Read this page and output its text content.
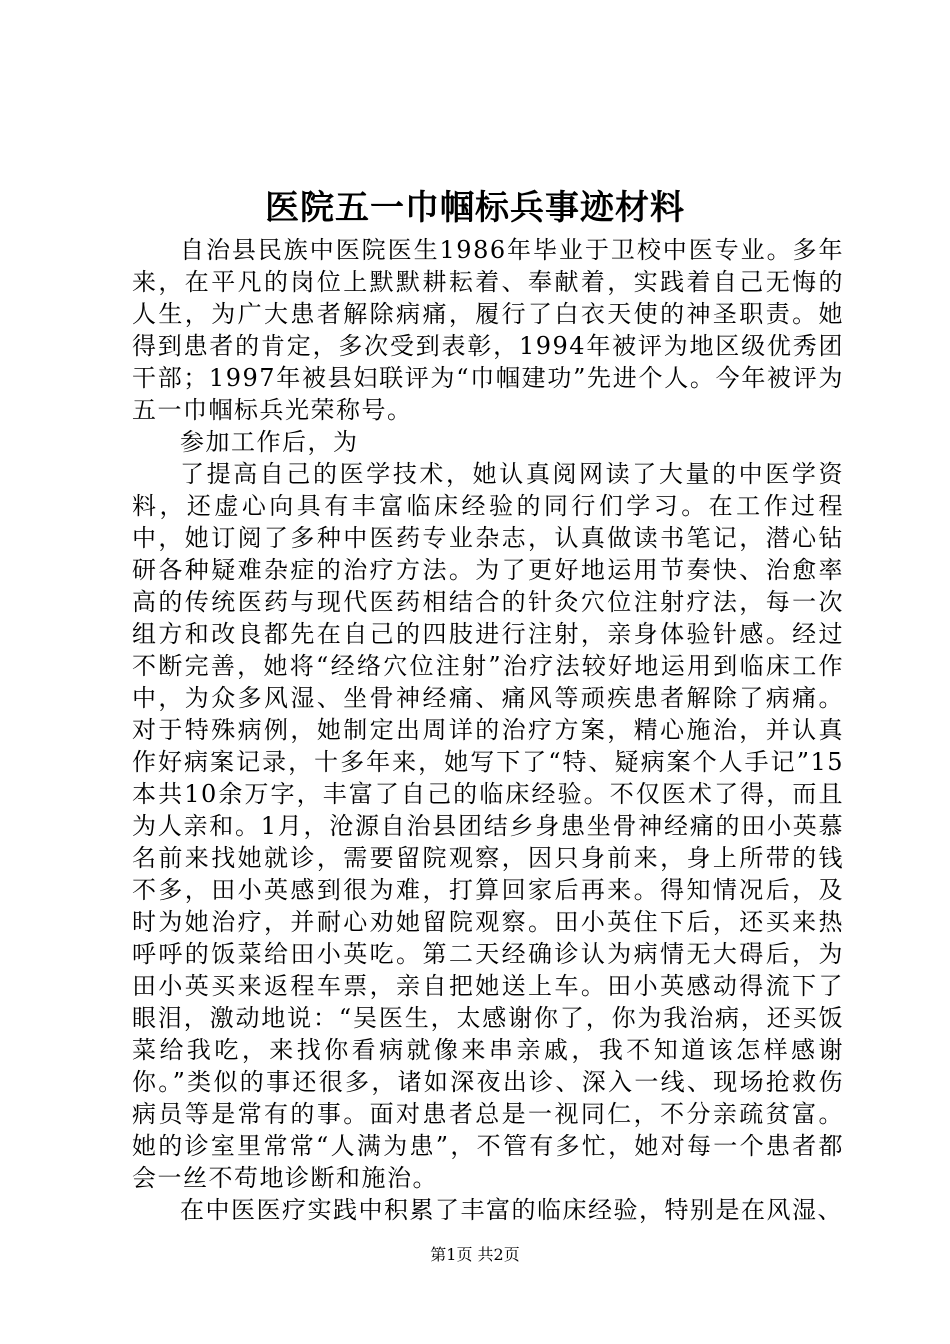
医院五一巾帼标兵事迹材料

自治县民族中医院医生1986年毕业于卫校中医专业。多年来，在平凡的岗位上默默耕耘着、奉献着，实践着自己无悔的人生，为广大患者解除病痛，履行了白衣天使的神圣职责。她得到患者的肯定，多次受到表彰，1994年被评为地区级优秀团干部；1997年被县妇联评为“巾帼建功”先进个人。今年被评为五一巾帼标兵光荣称号。

参加工作后，为

了提高自己的医学技术，她认真阅网读了大量的中医学资料，还虚心向具有丰富临床经验的同行们学习。在工作过程中，她订阅了多种中医药专业杂志，认真做读书笔记，潜心钻研各种疑难杂症的治疗方法。为了更好地运用节奏快、治愈率高的传统医药与现代医药相结合的针灸穴位注射疗法，每一次组方和改良都先在自己的四肢进行注射，亲身体验针感。经过不断完善，她将“经络穴位注射”治疗法较好地运用到临床工作中，为众多风湿、坐骨神经痛、痛风等顽疾患者解除了病痛。对于特殊病例，她制定出周详的治疗方案，精心施治，并认真作好病案记录，十多年来，她写下了“特、疑病案个人手记”15本共10余万字，丰富了自己的临床经验。不仅医术了得，而且为人亲和。1月，沧源自治县团结乡身患坐骨神经痛的田小英慕名前来找她就诊，需要留院观察，因只身前来，身上所带的钱不多，田小英感到很为难，打算回家后再来。得知情况后，及时为她治疗，并耐心劝她留院观察。田小英住下后，还买来热呼呼的饭菜给田小英吃。第二天经确诊认为病情无大碍后，为田小英买来返程车票，亲自把她送上车。田小英感动得流下了眼泪，激动地说：“吴医生，太感谢你了，你为我治病，还买饭菜给我吃，来找你看病就像来串亲戚，我不知道该怎样感谢你。”类似的事还很多，诸如深夜出诊、深入一线、现场抢救伤病员等是常有的事。面对患者总是一视同仁，不分亲疏贫富。她的诊室里常常“人满为患”，不管有多忙，她对每一个患者都会一丝不苟地诊断和施治。

在中医医疗实践中积累了丰富的临床经验，特别是在风湿、

第1页 共2页
